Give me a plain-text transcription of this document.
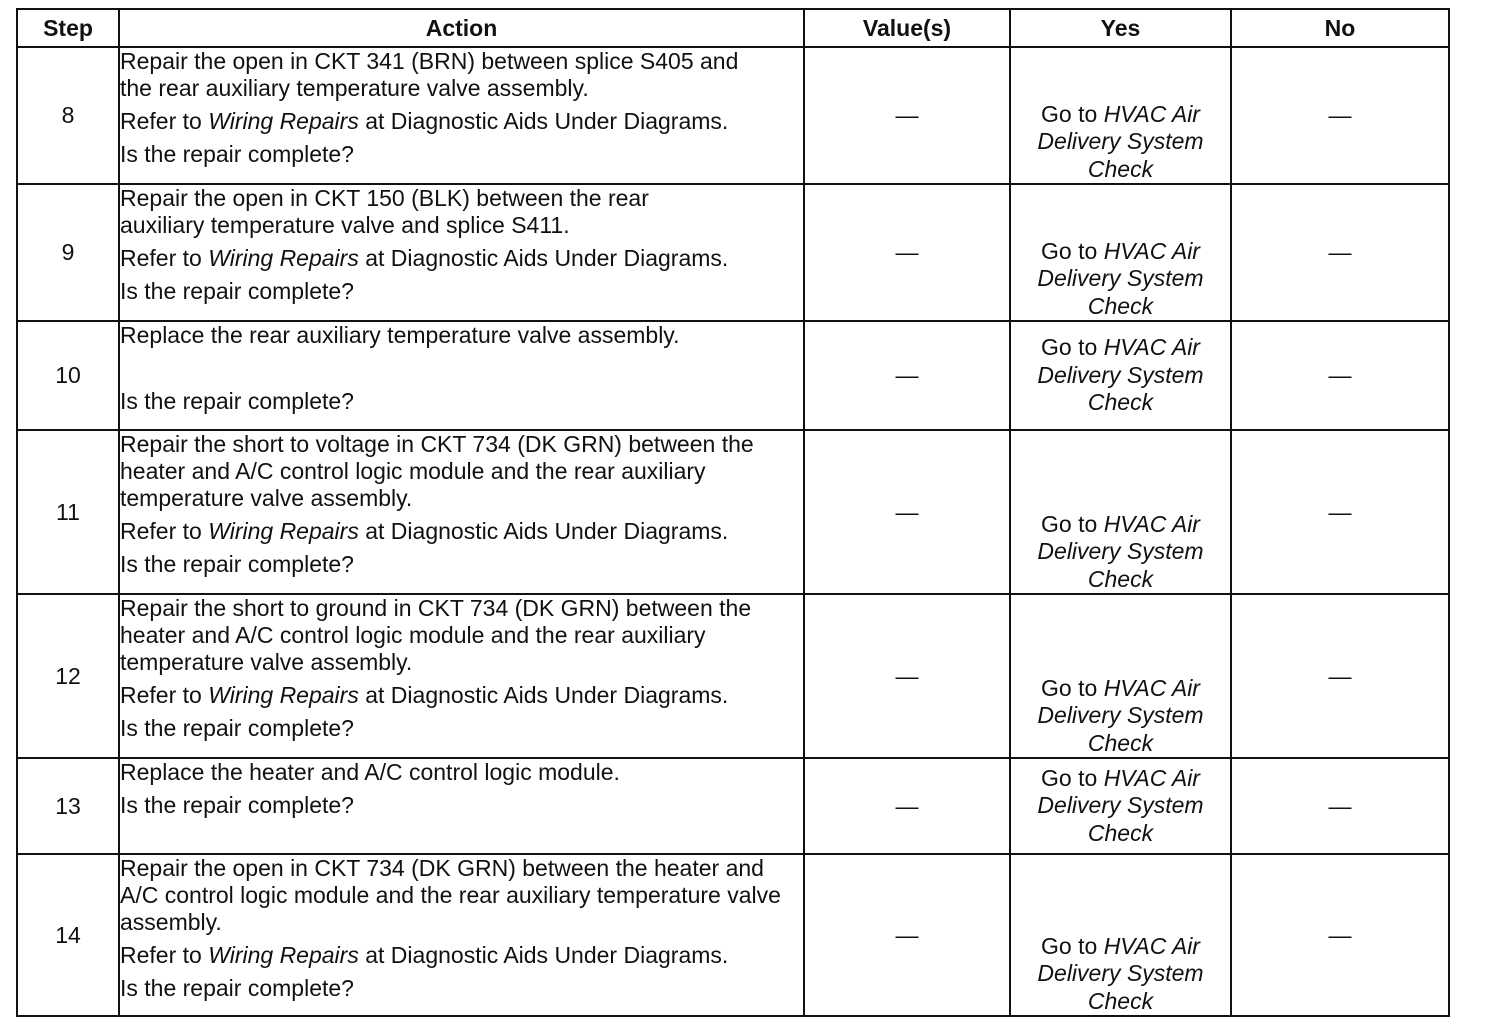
Step	Action	Value(s)	Yes	No
8	Repair the open in CKT 341 (BRN) between splice S405 and the rear auxiliary temperature valve assembly.
Refer to Wiring Repairs at Diagnostic Aids Under Diagrams.
Is the repair complete?	—	Go to HVAC Air Delivery System Check	—
9	Repair the open in CKT 150 (BLK) between the rear auxiliary temperature valve and splice S411.
Refer to Wiring Repairs at Diagnostic Aids Under Diagrams.
Is the repair complete?	—	Go to HVAC Air Delivery System Check	—
10	Replace the rear auxiliary temperature valve assembly.
Is the repair complete?	—	Go to HVAC Air Delivery System Check	—
11	Repair the short to voltage in CKT 734 (DK GRN) between the heater and A/C control logic module and the rear auxiliary temperature valve assembly.
Refer to Wiring Repairs at Diagnostic Aids Under Diagrams.
Is the repair complete?	—	Go to HVAC Air Delivery System Check	—
12	Repair the short to ground in CKT 734 (DK GRN) between the heater and A/C control logic module and the rear auxiliary temperature valve assembly.
Refer to Wiring Repairs at Diagnostic Aids Under Diagrams.
Is the repair complete?	—	Go to HVAC Air Delivery System Check	—
13	Replace the heater and A/C control logic module.
Is the repair complete?	—	Go to HVAC Air Delivery System Check	—
14	Repair the open in CKT 734 (DK GRN) between the heater and A/C control logic module and the rear auxiliary temperature valve assembly.
Refer to Wiring Repairs at Diagnostic Aids Under Diagrams.
Is the repair complete?	—	Go to HVAC Air Delivery System Check	—
